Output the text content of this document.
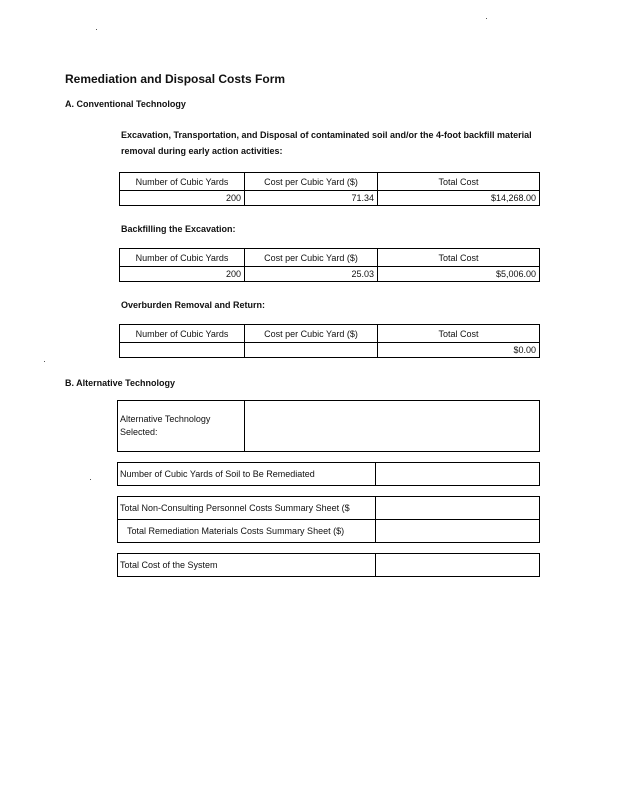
Remediation and Disposal Costs Form
A. Conventional Technology
Excavation, Transportation, and Disposal of contaminated soil and/or the 4-foot backfill material removal during early action activities:
Number of Cubic Yards	Cost per Cubic Yard ($)	Total Cost
200	71.34	$14,268.00
Backfilling the Excavation:
Number of Cubic Yards	Cost per Cubic Yard ($)	Total Cost
200	25.03	$5,006.00
Overburden Removal and Return:
Number of Cubic Yards	Cost per Cubic Yard ($)	Total Cost
		$0.00
B. Alternative Technology
Alternative Technology Selected:		

Number of Cubic Yards of Soil to Be Remediated		

Total Non-Consulting Personnel Costs Summary Sheet ($		
Total Remediation Materials Costs Summary Sheet ($)		

Total Cost of the System		
